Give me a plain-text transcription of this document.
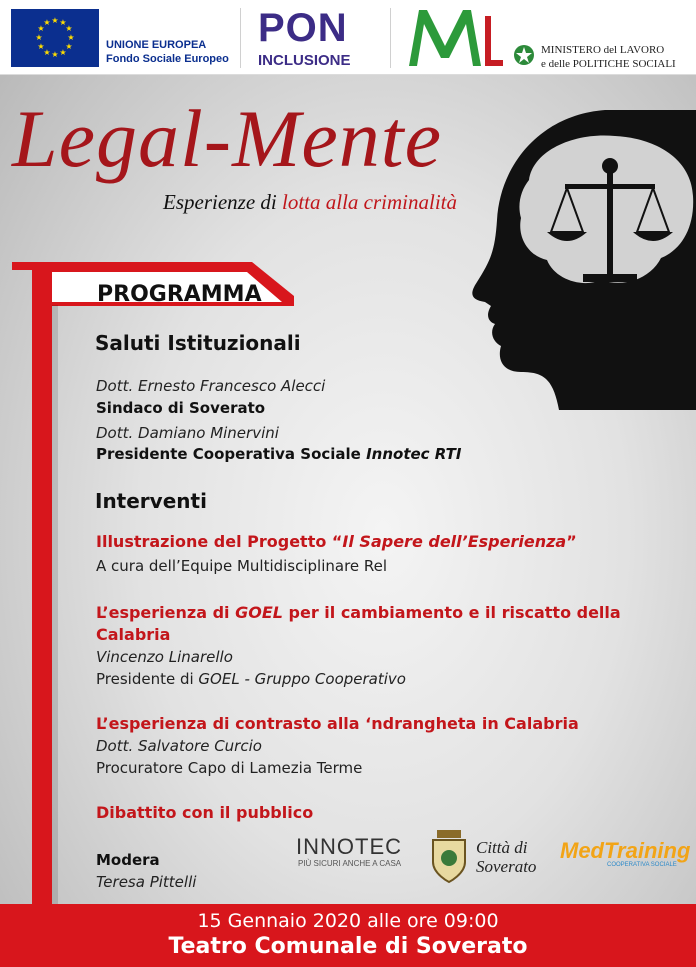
★ ★
★
★
★
★
★
★
★
★
★
★
UNIONE EUROPEA
Fondo Sociale Europeo
PON
INCLUSIONE
MINISTERO del LAVORO
e delle POLITICHE SOCIALI
Legal-Mente
Esperienze di lotta alla criminalità
PROGRAMMA
Saluti Istituzionali
Dott. Ernesto Francesco Alecci
Sindaco di Soverato
Dott. Damiano Minervini
Presidente Cooperativa Sociale Innotec RTI
Interventi
Illustrazione del Progetto “Il Sapere dell’Esperienza”
A cura dell’Equipe Multidisciplinare Rel
L’esperienza di GOEL per il cambiamento e il riscatto della
Calabria
Vincenzo Linarello
Presidente di GOEL - Gruppo Cooperativo
L’esperienza di contrasto alla ‘ndrangheta in Calabria
Dott. Salvatore Curcio
Procuratore Capo di Lamezia Terme
Dibattito con il pubblico
Modera
Teresa Pittelli
INNOTEC
PIÙ SICURI ANCHE A CASA
Città di
Soverato
MedTraining
COOPERATIVA SOCIALE
15 Gennaio 2020 alle ore 09:00
Teatro Comunale di Soverato
